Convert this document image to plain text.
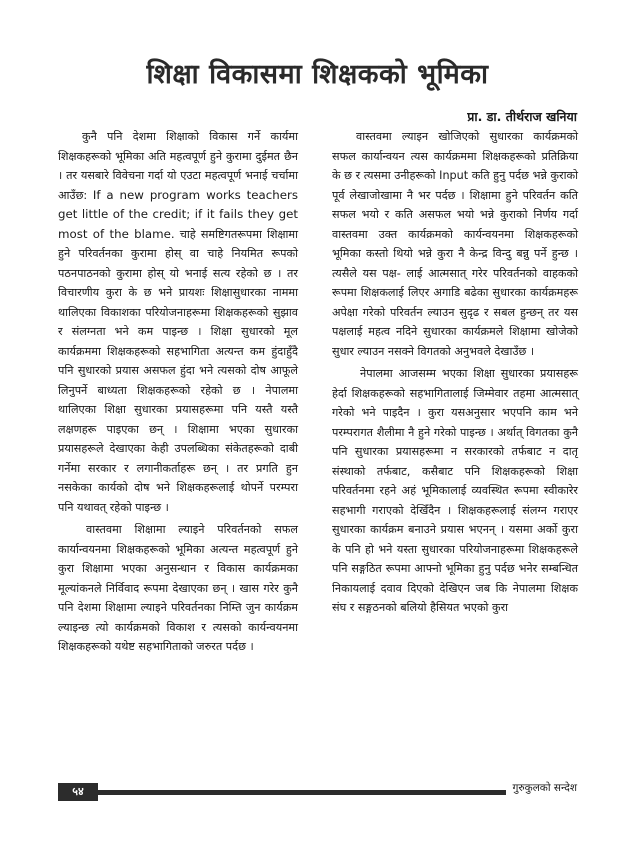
शिक्षा विकासमा शिक्षकको भूमिका
प्रा. डा. तीर्थराज खनिया

कुनै पनि देशमा शिक्षाको विकास गर्ने कार्यमा शिक्षकहरूको भूमिका अति महत्वपूर्ण हुने कुरामा दुईमत छैन । तर यसबारे विवेचना गर्दा यो एउटा महत्वपूर्ण भनाई चर्चामा आउँछ: If a new program works teachers get little of the credit; if it fails they get most of the blame. चाहे समष्टिगतरूपमा शिक्षामा हुने परिवर्तनका कुरामा होस् वा चाहे नियमित रूपको पठनपाठनको कुरामा होस् यो भनाई सत्य रहेको छ । तर विचारणीय कुरा के छ भने प्रायशः शिक्षासुधारका नाममा थालिएका विकाशका परियोजनाहरूमा शिक्षकहरूको सुझाव र संलग्नता भने कम पाइन्छ । शिक्षा सुधारको मूल कार्यक्रममा शिक्षकहरूको सहभागिता अत्यन्त कम हुंदाहुँदै पनि सुधारको प्रयास असफल हुंदा भने त्यसको दोष आफूले लिनुपर्ने बाध्यता शिक्षकहरूको रहेको छ । नेपालमा थालिएका शिक्षा सुधारका प्रयासहरूमा पनि यस्तै यस्तै लक्षणहरू पाइएका छन् । शिक्षामा भएका सुधारका प्रयासहरूले देखाएका केही उपलब्धिका संकेतहरूको दाबी गर्नेमा सरकार र लगानीकर्ताहरू छन् । तर प्रगति हुन नसकेका कार्यको दोष भने शिक्षकहरूलाई थोपर्ने परम्परा पनि यथावत् रहेको पाइन्छ ।

वास्तवमा शिक्षामा ल्याइने परिवर्तनको सफल कार्यान्वयनमा शिक्षकहरूको भूमिका अत्यन्त महत्वपूर्ण हुने कुरा शिक्षामा भएका अनुसन्धान र विकास कार्यक्रमका मूल्यांकनले निर्विवाद रूपमा देखाएका छन् । खास गरेर कुनै पनि देशमा शिक्षामा ल्याइने परिवर्तनका निम्ति जुन कार्यक्रम ल्याइन्छ त्यो कार्यक्रमको विकाश र त्यसको कार्यन्वयनमा शिक्षकहरूको यथेष्ट सहभागिताको जरुरत पर्दछ ।

वास्तवमा ल्याइन खोजिएको सुधारका कार्यक्रमको सफल कार्यान्वयन त्यस कार्यक्रममा शिक्षकहरूको प्रतिक्रिया के छ र त्यसमा उनीहरूको Input कति हुनु पर्दछ भन्ने कुराको पूर्व लेखाजोखामा नै भर पर्दछ । शिक्षामा हुने परिवर्तन कति सफल भयो र कति असफल भयो भन्ने कुराको निर्णय गर्दा वास्तवमा उक्त कार्यक्रमको कार्यन्वयनमा शिक्षकहरूको भूमिका कस्तो थियो भन्ने कुरा नै केन्द्र विन्दु बन्नु पर्ने हुन्छ । त्यसैले यस पक्ष- लाई आत्मसात् गरेर परिवर्तनको वाहकको रूपमा शिक्षकलाई लिएर अगाडि बढेका सुधारका कार्यक्रमहरू अपेक्षा गरेको परिवर्तन ल्याउन सुदृढ र सबल हुन्छन् तर यस पक्षलाई महत्व नदिने सुधारका कार्यक्रमले शिक्षामा खोजेको सुधार ल्याउन नसक्ने विगतको अनुभवले देखाउँछ ।

नेपालमा आजसम्म भएका शिक्षा सुधारका प्रयासहरू हेर्दा शिक्षकहरूको सहभागितालाई जिम्मेवार तहमा आत्मसात् गरेको भने पाइदैन । कुरा यसअनुसार भएपनि काम भने परम्परागत शैलीमा नै हुने गरेको पाइन्छ । अर्थात् विगतका कुनै पनि सुधारका प्रयासहरूमा न सरकारको तर्फबाट न दातृ संस्थाको तर्फबाट, कसैबाट पनि शिक्षकहरूको शिक्षा परिवर्तनमा रहने अहं भूमिकालाई व्यवस्थित रूपमा स्वीकारेर सहभागी गराएको देखिँदैन । शिक्षकहरूलाई संलग्न गराएर सुधारका कार्यक्रम बनाउने प्रयास भएनन् । यसमा अर्को कुरा के पनि हो भने यस्ता सुधारका परियोजनाहरूमा शिक्षकहरूले पनि सङ्गठित रूपमा आफ्नो भूमिका हुनु पर्दछ भनेर सम्बन्धित निकायलाई दवाव दिएको देखिएन जब कि नेपालमा शिक्षक संघ र सङ्गठनको बलियो हैसियत भएको कुरा

५४	गुरुकुलको सन्देश
